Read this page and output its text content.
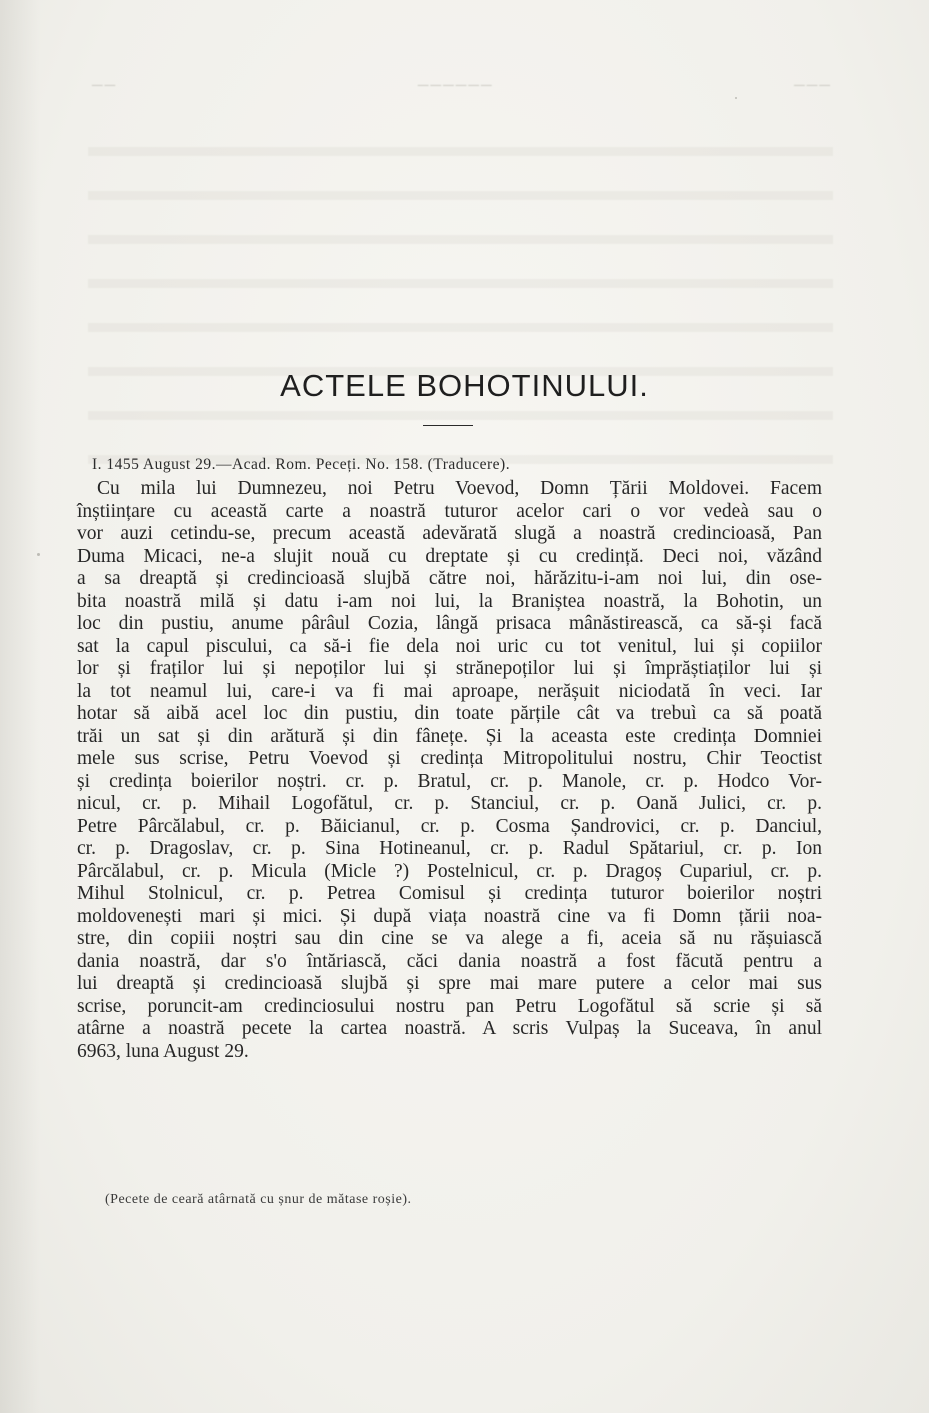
───
──────
──
ACTELE BOHOTINULUI.
I. 1455 August 29.—Acad. Rom. Peceți. No. 158. (Traducere).
Cu mila lui Dumnezeu, noi Petru Voevod, Domn Țării Moldovei. Facem
înștiințare cu această carte a noastră tuturor acelor cari o vor vedeà sau o
vor auzi cetindu-se, precum această adevărată slugă a noastră credincioasă, Pan
Duma Micaci, ne-a slujit nouă cu dreptate și cu credință. Deci noi, văzând
a sa dreaptă și credincioasă slujbă către noi, hărăzitu-i-am noi lui, din ose-
bita noastră milă și datu i-am noi lui, la Braniștea noastră, la Bohotin, un
loc din pustiu, anume pârâul Cozia, lângă prisaca mânăstirească, ca să-și facă
sat la capul piscului, ca să-i fie dela noi uric cu tot venitul, lui și copiilor
lor și fraților lui și nepoților lui și strănepoților lui și împrăștiaților lui și
la tot neamul lui, care-i va fi mai aproape, nerășuit niciodată în veci. Iar
hotar să aibă acel loc din pustiu, din toate părțile cât va trebuì ca să poată
trăi un sat și din arătură și din fânețe. Și la aceasta este credința Domniei
mele sus scrise, Petru Voevod și credința Mitropolitului nostru, Chir Teoctist
și credința boierilor noștri. cr. p. Bratul, cr. p. Manole, cr. p. Hodco Vor-
nicul, cr. p. Mihail Logofătul, cr. p. Stanciul, cr. p. Oană Julici, cr. p.
Petre Pârcălabul, cr. p. Băicianul, cr. p. Cosma Șandrovici, cr. p. Danciul,
cr. p. Dragoslav, cr. p. Sina Hotineanul, cr. p. Radul Spătariul, cr. p. Ion
Pârcălabul, cr. p. Micula (Micle ?) Postelnicul, cr. p. Dragoș Cupariul, cr. p.
Mihul Stolnicul, cr. p. Petrea Comisul și credința tuturor boierilor noștri
moldovenești mari și mici. Și după viața noastră cine va fi Domn țării noa-
stre, din copiii noștri sau din cine se va alege a fi, aceia să nu rășuiască
dania noastră, dar s'o întăriască, căci dania noastră a fost făcută pentru a
lui dreaptă și credincioasă slujbă și spre mai mare putere a celor mai sus
scrise, poruncit-am credinciosului nostru pan Petru Logofătul să scrie și să
atârne a noastră pecete la cartea noastră. A scris Vulpaș la Suceava, în anul
6963, luna August 29.
(Pecete de ceară atârnată cu șnur de mătase roșie).
